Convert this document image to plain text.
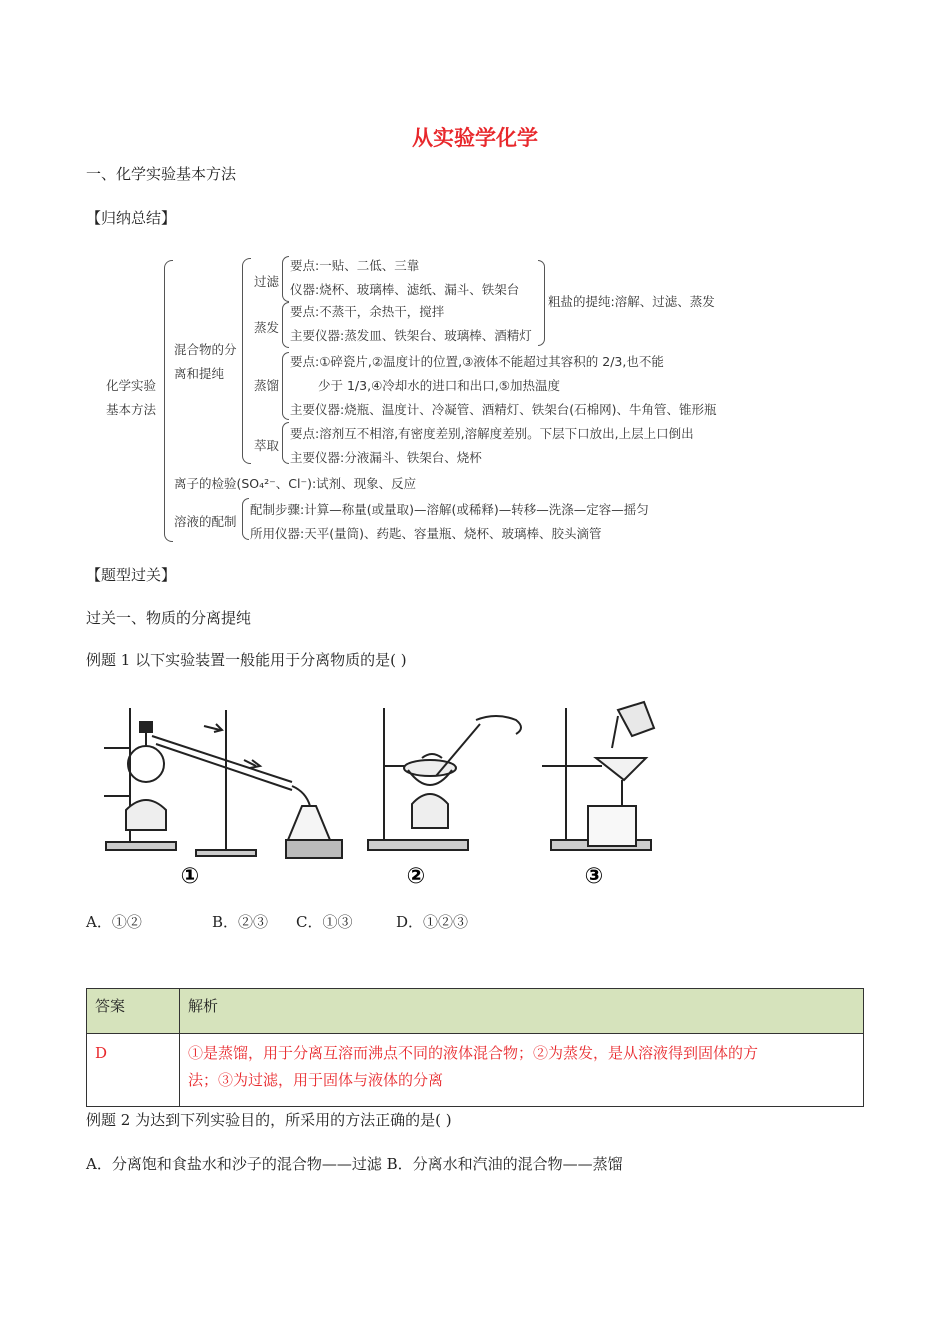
从实验学化学
一、化学实验基本方法
【归纳总结】
化学实验
基本方法
混合物的分
离和提纯
过滤
要点:一贴、二低、三靠
仪器:烧杯、玻璃棒、滤纸、漏斗、铁架台
蒸发
要点:不蒸干，余热干，搅拌
主要仪器:蒸发皿、铁架台、玻璃棒、酒精灯
粗盐的提纯:溶解、过滤、蒸发
蒸馏
要点:①碎瓷片,②温度计的位置,③液体不能超过其容积的 2/3,也不能
少于 1/3,④冷却水的进口和出口,⑤加热温度
主要仪器:烧瓶、温度计、冷凝管、酒精灯、铁架台(石棉网)、牛角管、锥形瓶
萃取
要点:溶剂互不相溶,有密度差别,溶解度差别。下层下口放出,上层上口倒出
主要仪器:分液漏斗、铁架台、烧杯
离子的检验(SO₄²⁻、Cl⁻):试剂、现象、反应
溶液的配制
配制步骤:计算—称量(或量取)—溶解(或稀释)—转移—洗涤—定容—摇匀
所用仪器:天平(量筒)、药匙、容量瓶、烧杯、玻璃棒、胶头滴管
【题型过关】
过关一、物质的分离提纯
例题 1 以下实验装置一般能用于分离物质的是( )
①	②	③
A．①②	B．②③ C．①③	D．①②③
答案	解析
D	①是蒸馏，用于分离互溶而沸点不同的液体混合物；②为蒸发，是从溶液得到固体的方
法；③为过滤，用于固体与液体的分离
例题 2 为达到下列实验目的，所采用的方法正确的是( )
A．分离饱和食盐水和沙子的混合物——过滤 B．分离水和汽油的混合物——蒸馏
